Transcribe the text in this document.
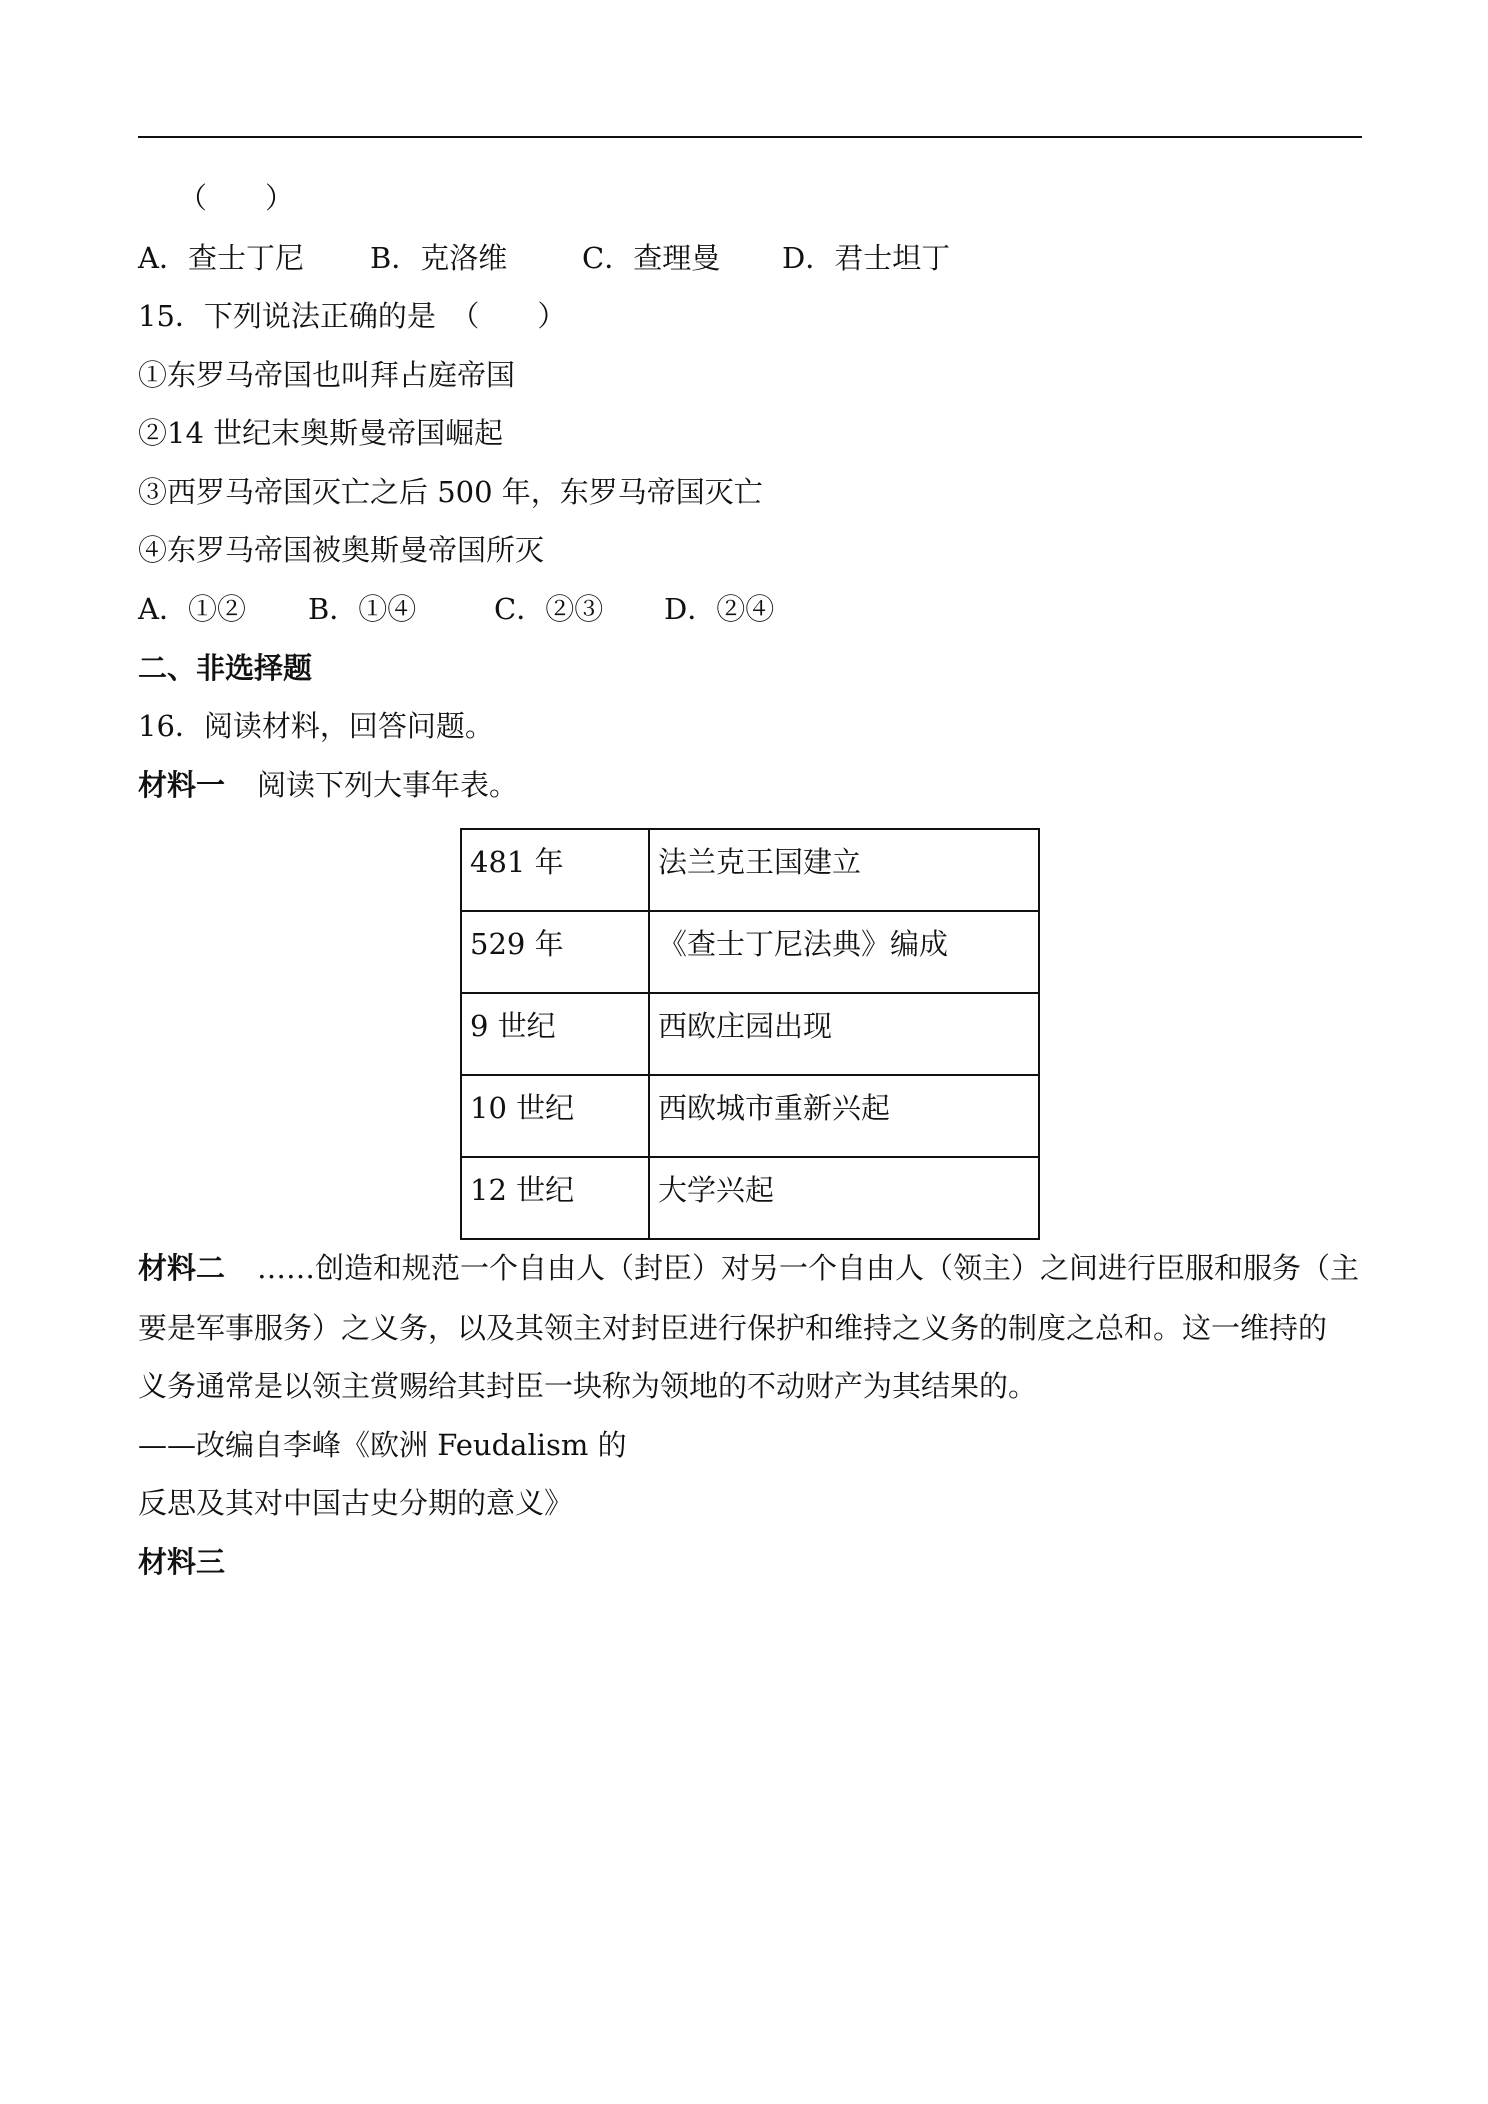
（　　）
A．查士丁尼 B．克洛维	C．查理曼 D．君士坦丁
15．下列说法正确的是　（　　）
①东罗马帝国也叫拜占庭帝国
②14 世纪末奥斯曼帝国崛起
③西罗马帝国灭亡之后 500 年，东罗马帝国灭亡
④东罗马帝国被奥斯曼帝国所灭
A．①② B．①④	C．②③ D．②④
二、非选择题
16．阅读材料，回答问题。
材料一 阅读下列大事年表。
481 年	法兰克王国建立
529 年	《查士丁尼法典》编成
9 世纪	西欧庄园出现
10 世纪	西欧城市重新兴起
12 世纪	大学兴起
材料二 ……创造和规范一个自由人（封臣）对另一个自由人（领主）之间进行臣服和服务（主
要是军事服务）之义务，以及其领主对封臣进行保护和维持之义务的制度之总和。这一维持的
义务通常是以领主赏赐给其封臣一块称为领地的不动财产为其结果的。
——改编自李峰《欧洲 Feudalism 的
反思及其对中国古史分期的意义》
材料三
